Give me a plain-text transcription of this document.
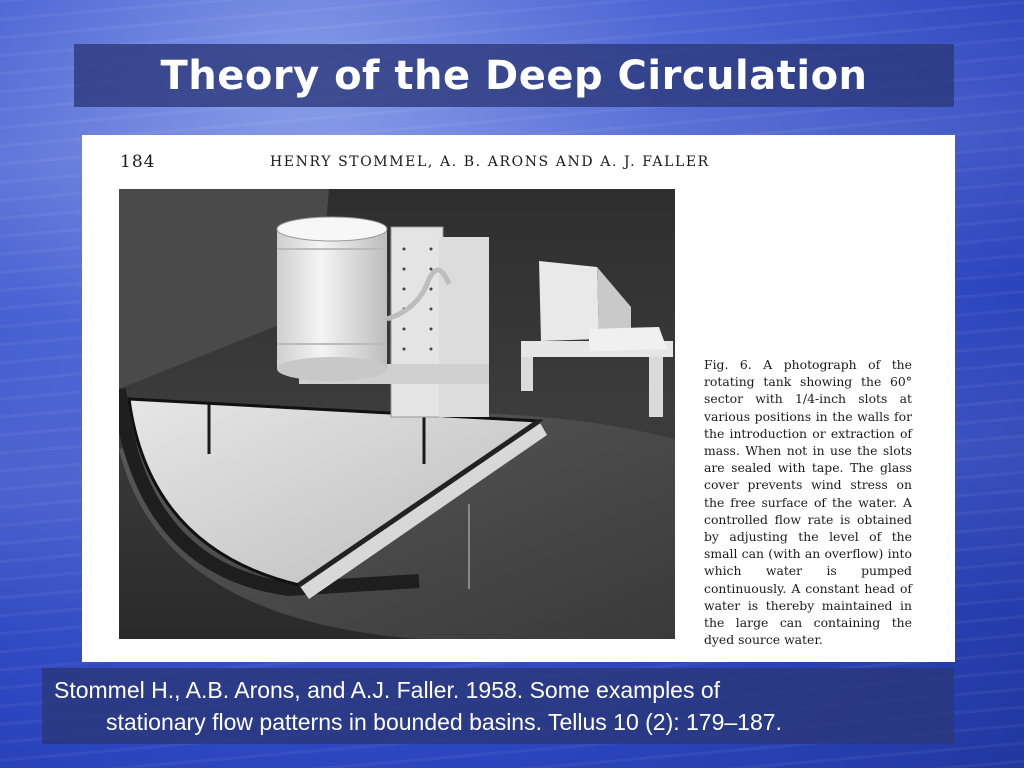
Theory of the Deep Circulation
184	HENRY STOMMEL, A. B. ARONS AND A. J. FALLER
Fig. 6. A photograph of the rotating tank showing the 60° sector with 1/4-inch slots at various positions in the walls for the introduction or extraction of mass. When not in use the slots are sealed with tape. The glass cover prevents wind stress on the free surface of the water. A controlled flow rate is obtained by adjusting the level of the small can (with an overflow) into which water is pumped continuously. A constant head of water is thereby maintained in the large can containing the dyed source water.
Stommel H., A.B. Arons, and A.J. Faller. 1958. Some examples of
stationary flow patterns in bounded basins. Tellus 10 (2): 179–187.
